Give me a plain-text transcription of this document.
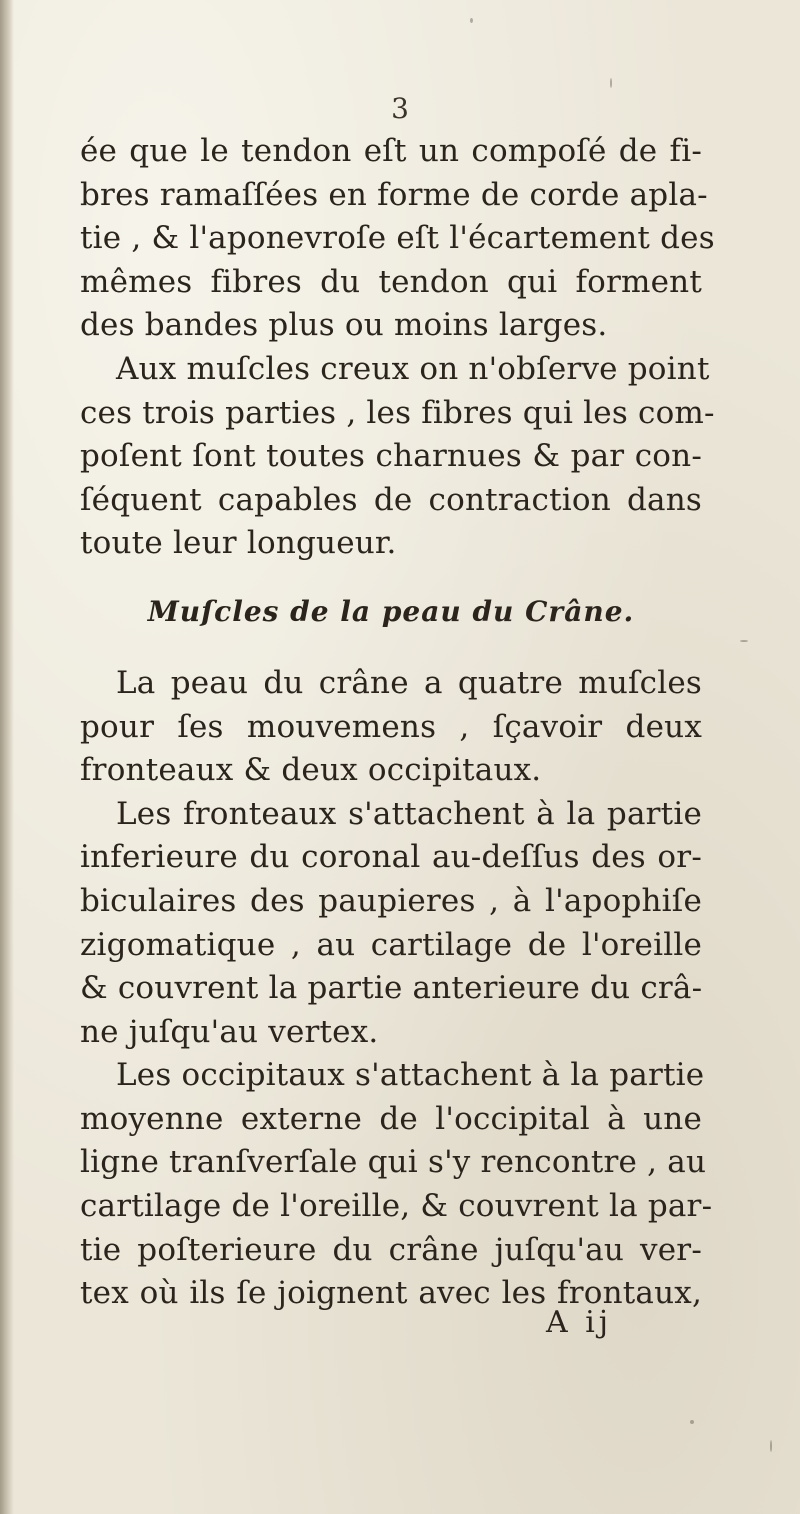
3
ée que le tendon eſt un compoſé de fi-
bres ramaſſées en forme de corde apla-
tie , & l'aponevroſe eſt l'écartement des
mêmes fibres du tendon qui forment
des bandes plus ou moins larges.
Aux muſcles creux on n'obſerve point
ces trois parties , les fibres qui les com-
poſent ſont toutes charnues & par con-
ſéquent capables de contraction dans
toute leur longueur.
Muſcles de la peau du Crâne.
La peau du crâne a quatre muſcles
pour ſes mouvemens , ſçavoir deux
fronteaux & deux occipitaux.
Les fronteaux s'attachent à la partie
inferieure du coronal au-deſſus des or-
biculaires des paupieres , à l'apophiſe
zigomatique , au cartilage de l'oreille
& couvrent la partie anterieure du crâ-
ne juſqu'au vertex.
Les occipitaux s'attachent à la partie
moyenne externe de l'occipital à une
ligne tranſverſale qui s'y rencontre , au
cartilage de l'oreille, & couvrent la par-
tie poſterieure du crâne juſqu'au ver-
tex où ils ſe joignent avec les frontaux,
A ij
